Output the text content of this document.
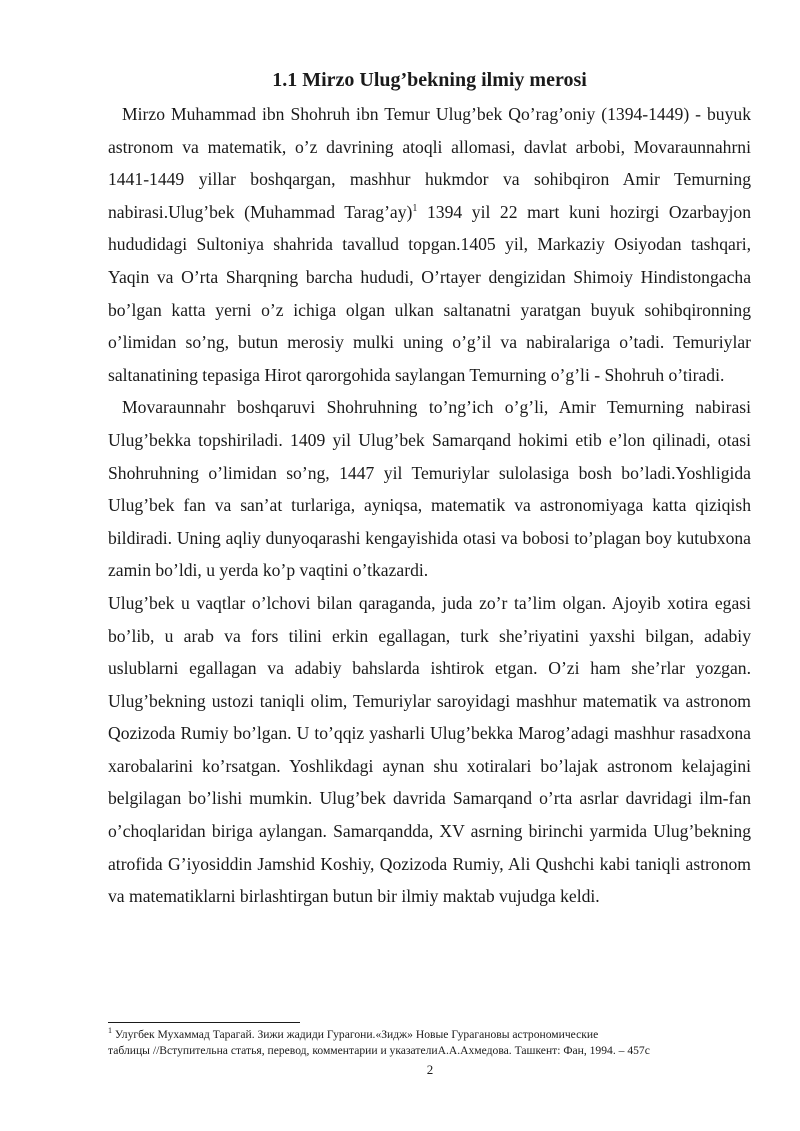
1.1 Mirzo Ulug’bekning ilmiy merosi

Mirzo Muhammad ibn Shohruh ibn Temur Ulug’bek Qo’rag’oniy (1394-1449) - buyuk astronom va matematik, o’z davrining atoqli allomasi, davlat arbobi, Movaraunnahrni 1441-1449 yillar boshqargan, mashhur hukmdor va sohibqiron Amir Temurning nabirasi.Ulug’bek (Muhammad Tarag’ay)$^1$ 1394 yil 22 mart kuni hozirgi Ozarbayjon hududidagi Sultoniya shahrida tavallud topgan.1405 yil, Markaziy Osiyodan tashqari, Yaqin va O’rta Sharqning barcha hududi, O’rtayer dengizidan Shimoiy Hindistongacha bo’lgan katta yerni o’z ichiga olgan ulkan saltanatni yaratgan buyuk sohibqironning o’limidan so’ng, butun merosiy mulki uning o’g’il va nabiralariga o’tadi. Temuriylar saltanatining tepasiga Hirot qarorgohida saylangan Temurning o’g’li - Shohruh o’tiradi.

Movaraunnahr boshqaruvi Shohruhning to’ng’ich o’g’li, Amir Temurning nabirasi Ulug’bekka topshiriladi. 1409 yil Ulug’bek Samarqand hokimi etib e’lon qilinadi, otasi Shohruhning o’limidan so’ng, 1447 yil Temuriylar sulolasiga bosh bo’ladi.Yoshligida Ulug’bek fan va san’at turlariga, ayniqsa, matematik va astronomiyaga katta qiziqish bildiradi. Uning aqliy dunyoqarashi kengayishida otasi va bobosi to’plagan boy kutubxona zamin bo’ldi, u yerda ko’p vaqtini o’tkazardi.

Ulug’bek u vaqtlar o’lchovi bilan qaraganda, juda zo’r ta’lim olgan. Ajoyib xotira egasi bo’lib, u arab va fors tilini erkin egallagan, turk she’riyatini yaxshi bilgan, adabiy uslublarni egallagan va adabiy bahslarda ishtirok etgan. O’zi ham she’rlar yozgan. Ulug’bekning ustozi taniqli olim, Temuriylar saroyidagi mashhur matematik va astronom Qozizoda Rumiy bo’lgan. U to’qqiz yasharli Ulug’bekka Marog’adagi mashhur rasadxona xarobalarini ko’rsatgan. Yoshlikdagi aynan shu xotiralari bo’lajak astronom kelajagini belgilagan bo’lishi mumkin. Ulug’bek davrida Samarqand o’rta asrlar davridagi ilm-fan o’choqlaridan biriga aylangan. Samarqandda, XV asrning birinchi yarmida Ulug’bekning atrofida G’iyosiddin Jamshid Koshiy, Qozizoda Rumiy, Ali Qushchi kabi taniqli astronom va matematiklarni birlashtirgan butun bir ilmiy maktab vujudga keldi.

$^1$ Улугбек Мухаммад Тарагай. Зижи жадиди Гурагони.«Зидж» Новые Гурагановы астрономические
таблицы //Вступительна статья, перевод, комментарии и указателиА.А.Ахмедова. Ташкент: Фан, 1994. – 457с
2
